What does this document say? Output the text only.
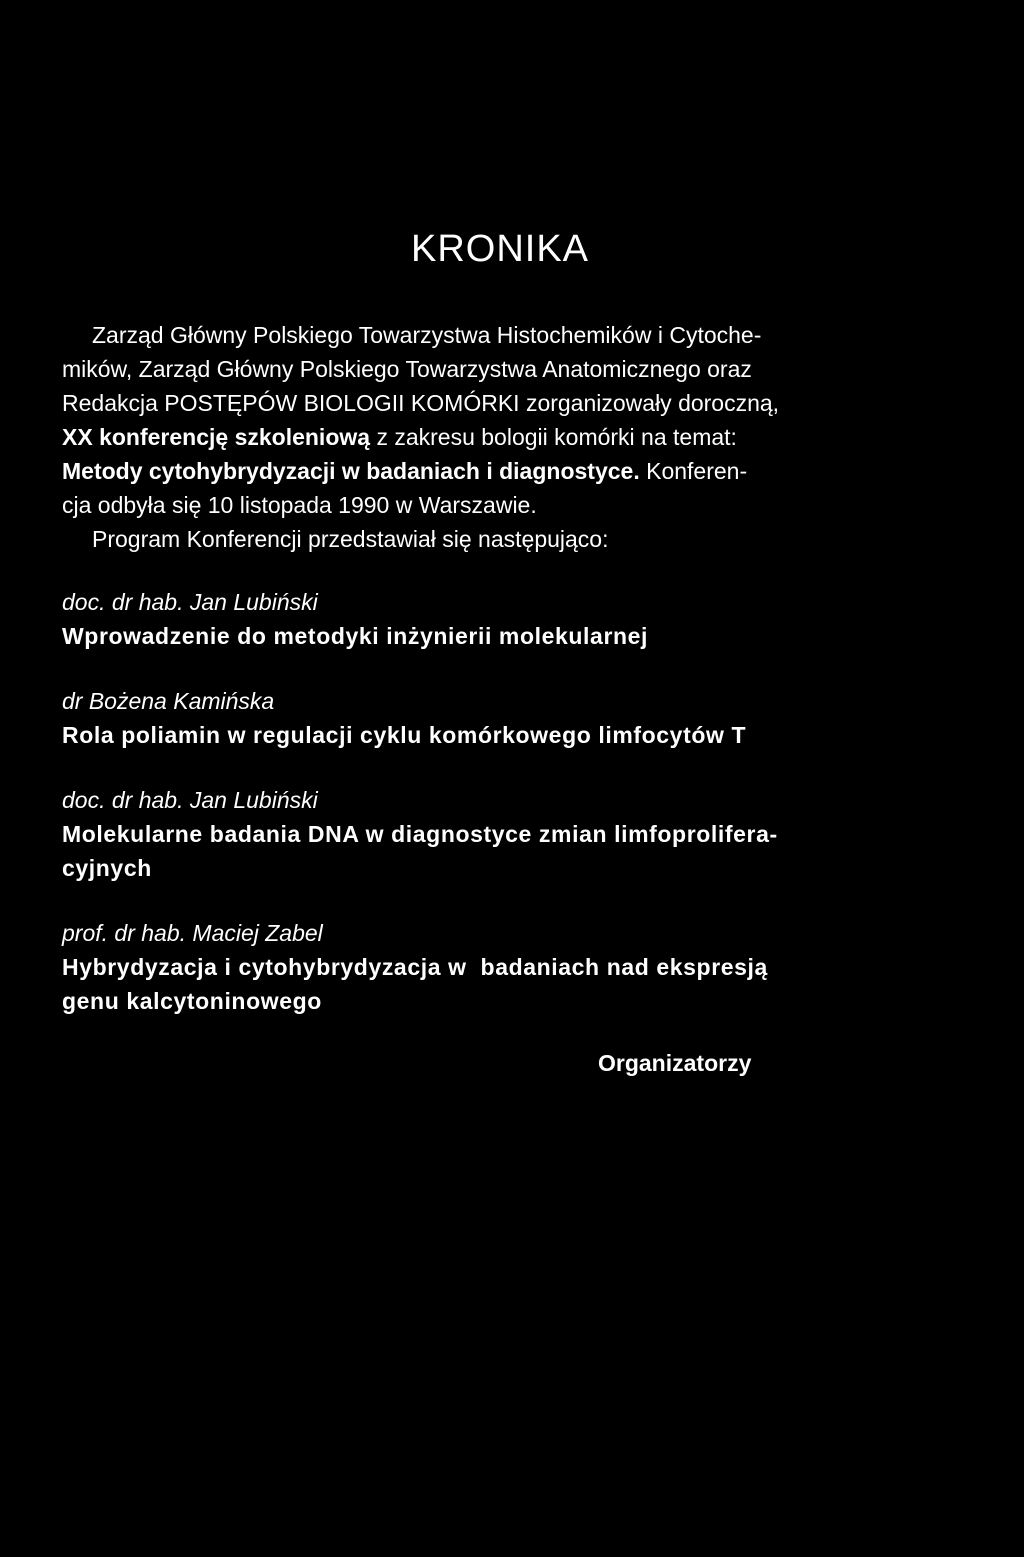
KRONIKA

Zarząd Główny Polskiego Towarzystwa Histochemików i Cytoche-
mików, Zarząd Główny Polskiego Towarzystwa Anatomicznego oraz
Redakcja POSTĘPÓW BIOLOGII KOMÓRKI zorganizowały doroczną,
XX konferencję szkoleniową z zakresu bologii komórki na temat:
Metody cytohybrydyzacji w badaniach i diagnostyce. Konferen-
cja odbyła się 10 listopada 1990 w Warszawie.
Program Konferencji przedstawiał się następująco:

doc. dr hab. Jan Lubiński
Wprowadzenie do metodyki inżynierii molekularnej
dr Bożena Kamińska
Rola poliamin w regulacji cyklu komórkowego limfocytów T
doc. dr hab. Jan Lubiński
Molekularne badania DNA w diagnostyce zmian limfoprolifera-
cyjnych
prof. dr hab. Maciej Zabel
Hybrydyzacja i cytohybrydyzacja w  badaniach nad ekspresją
genu kalcytoninowego

Organizatorzy
